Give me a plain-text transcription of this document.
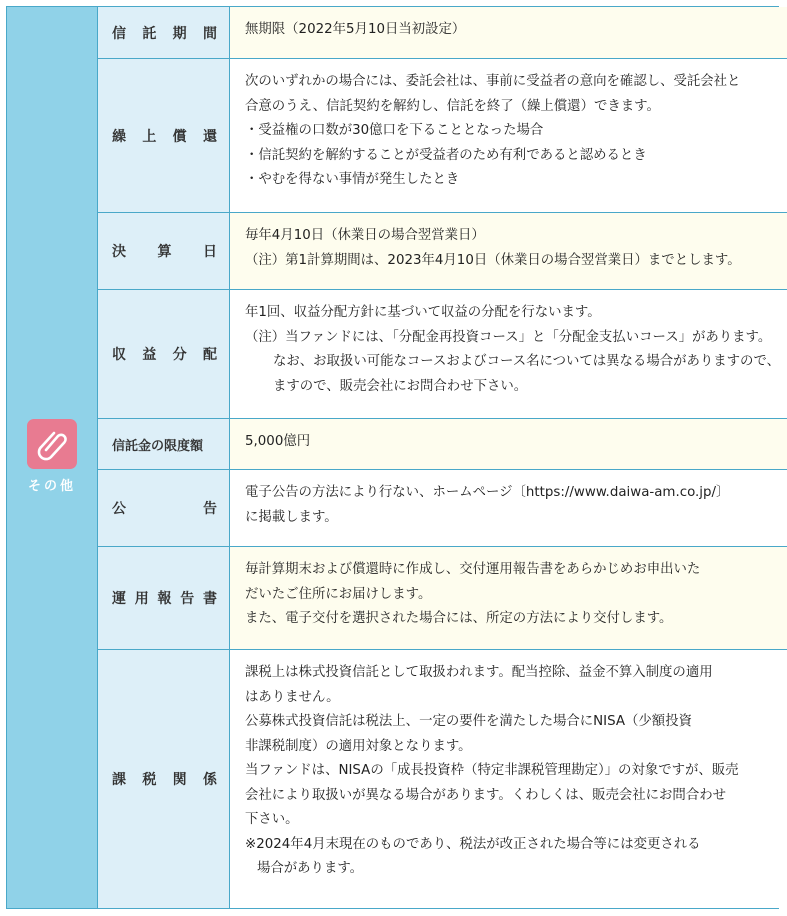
その他
信託期間 無期限（2022年5月10日当初設定）
繰上償還
次のいずれかの場合には、委託会社は、事前に受益者の意向を確認し、受託会社と
合意のうえ、信託契約を解約し、信託を終了（繰上償還）できます。
・受益権の口数が30億口を下ることとなった場合
・信託契約を解約することが受益者のため有利であると認めるとき
・やむを得ない事情が発生したとき
決算日
毎年4月10日（休業日の場合翌営業日）
（注）第1計算期間は、2023年4月10日（休業日の場合翌営業日）までとします。
収益分配
年1回、収益分配方針に基づいて収益の分配を行ないます。
（注）当ファンドには、「分配金再投資コース」と「分配金支払いコース」があります。
なお、お取扱い可能なコースおよびコース名については異なる場合がありますので、
ますので、販売会社にお問合わせ下さい。
信託金の限度額	5,000億円
公告
電子公告の方法により行ない、ホームページ〔https://www.daiwa-am.co.jp/〕
に掲載します。
運用報告書
毎計算期末および償還時に作成し、交付運用報告書をあらかじめお申出いた
だいたご住所にお届けします。
また、電子交付を選択された場合には、所定の方法により交付します。
課税関係
課税上は株式投資信託として取扱われます。配当控除、益金不算入制度の適用
はありません。
公募株式投資信託は税法上、一定の要件を満たした場合にNISA（少額投資
非課税制度）の適用対象となります。
当ファンドは、NISAの「成長投資枠（特定非課税管理勘定）」の対象ですが、販売
会社により取扱いが異なる場合があります。くわしくは、販売会社にお問合わせ
下さい。
※2024年4月末現在のものであり、税法が改正された場合等には変更される
場合があります。
